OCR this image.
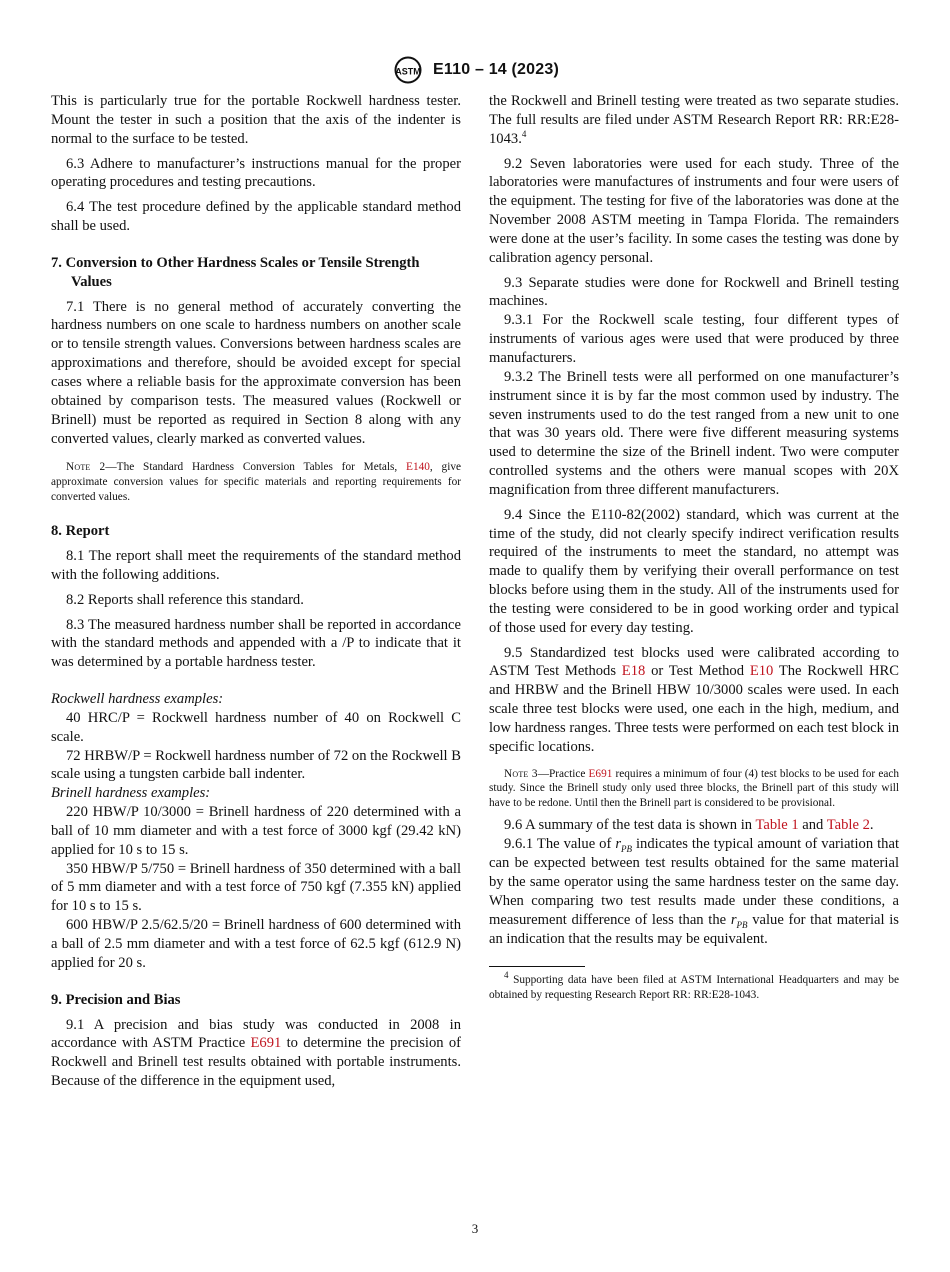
ASTM E110 – 14 (2023)

This is particularly true for the portable Rockwell hardness tester. Mount the tester in such a position that the axis of the indenter is normal to the surface to be tested.

6.3 Adhere to manufacturer’s instructions manual for the proper operating procedures and testing precautions.

6.4 The test procedure defined by the applicable standard method shall be used.

7. Conversion to Other Hardness Scales or Tensile Strength Values

7.1 There is no general method of accurately converting the hardness numbers on one scale to hardness numbers on another scale or to tensile strength values. Conversions between hardness scales are approximations and therefore, should be avoided except for special cases where a reliable basis for the approximate conversion has been obtained by comparison tests. The measured values (Rockwell or Brinell) must be reported as required in Section 8 along with any converted values, clearly marked as converted values.

Note 2—The Standard Hardness Conversion Tables for Metals, E140, give approximate conversion values for specific materials and reporting requirements for converted values.

8. Report

8.1 The report shall meet the requirements of the standard method with the following additions.

8.2 Reports shall reference this standard.

8.3 The measured hardness number shall be reported in accordance with the standard methods and appended with a /P to indicate that it was determined by a portable hardness tester.

Rockwell hardness examples:

40 HRC/P = Rockwell hardness number of 40 on Rockwell C scale.

72 HRBW/P = Rockwell hardness number of 72 on the Rockwell B scale using a tungsten carbide ball indenter.

Brinell hardness examples:

220 HBW/P 10/3000 = Brinell hardness of 220 determined with a ball of 10 mm diameter and with a test force of 3000 kgf (29.42 kN) applied for 10 s to 15 s.

350 HBW/P 5/750 = Brinell hardness of 350 determined with a ball of 5 mm diameter and with a test force of 750 kgf (7.355 kN) applied for 10 s to 15 s.

600 HBW/P 2.5/62.5/20 = Brinell hardness of 600 determined with a ball of 2.5 mm diameter and with a test force of 62.5 kgf (612.9 N) applied for 20 s.

9. Precision and Bias

9.1 A precision and bias study was conducted in 2008 in accordance with ASTM Practice E691 to determine the precision of Rockwell and Brinell test results obtained with portable instruments. Because of the difference in the equipment used,

the Rockwell and Brinell testing were treated as two separate studies. The full results are filed under ASTM Research Report RR: RR:E28-1043.$^4$

9.2 Seven laboratories were used for each study. Three of the laboratories were manufactures of instruments and four were users of the equipment. The testing for five of the laboratories was done at the November 2008 ASTM meeting in Tampa Florida. The remainders were done at the user’s facility. In some cases the testing was done by calibration agency personal.

9.3 Separate studies were done for Rockwell and Brinell testing machines.

9.3.1 For the Rockwell scale testing, four different types of instruments of various ages were used that were produced by three manufacturers.

9.3.2 The Brinell tests were all performed on one manufacturer’s instrument since it is by far the most common used by industry. The seven instruments used to do the test ranged from a new unit to one that was 30 years old. There were five different measuring systems used to determine the size of the Brinell indent. Two were computer controlled systems and the others were manual scopes with 20X magnification from three different manufacturers.

9.4 Since the E110-82(2002) standard, which was current at the time of the study, did not clearly specify indirect verification results required of the instruments to meet the standard, no attempt was made to qualify them by verifying their overall performance on test blocks before using them in the study. All of the instruments used for the testing were considered to be in good working order and typical of those used for every day testing.

9.5 Standardized test blocks used were calibrated according to ASTM Test Methods E18 or Test Method E10 The Rockwell HRC and HRBW and the Brinell HBW 10/3000 scales were used. In each scale three test blocks were used, one each in the high, medium, and low hardness ranges. Three tests were performed on each test block in specific locations.

Note 3—Practice E691 requires a minimum of four (4) test blocks to be used for each study. Since the Brinell study only used three blocks, the Brinell part of this study will have to be redone. Until then the Brinell part is considered to be provisional.

9.6 A summary of the test data is shown in Table 1 and Table 2.

9.6.1 The value of $r_{PB}$ indicates the typical amount of variation that can be expected between test results obtained for the same material by the same operator using the same hardness tester on the same day. When comparing two test results made under these conditions, a measurement difference of less than the $r_{PB}$ value for that material is an indication that the results may be equivalent.

$^4$ Supporting data have been filed at ASTM International Headquarters and may be obtained by requesting Research Report RR: RR:E28-1043.

3
